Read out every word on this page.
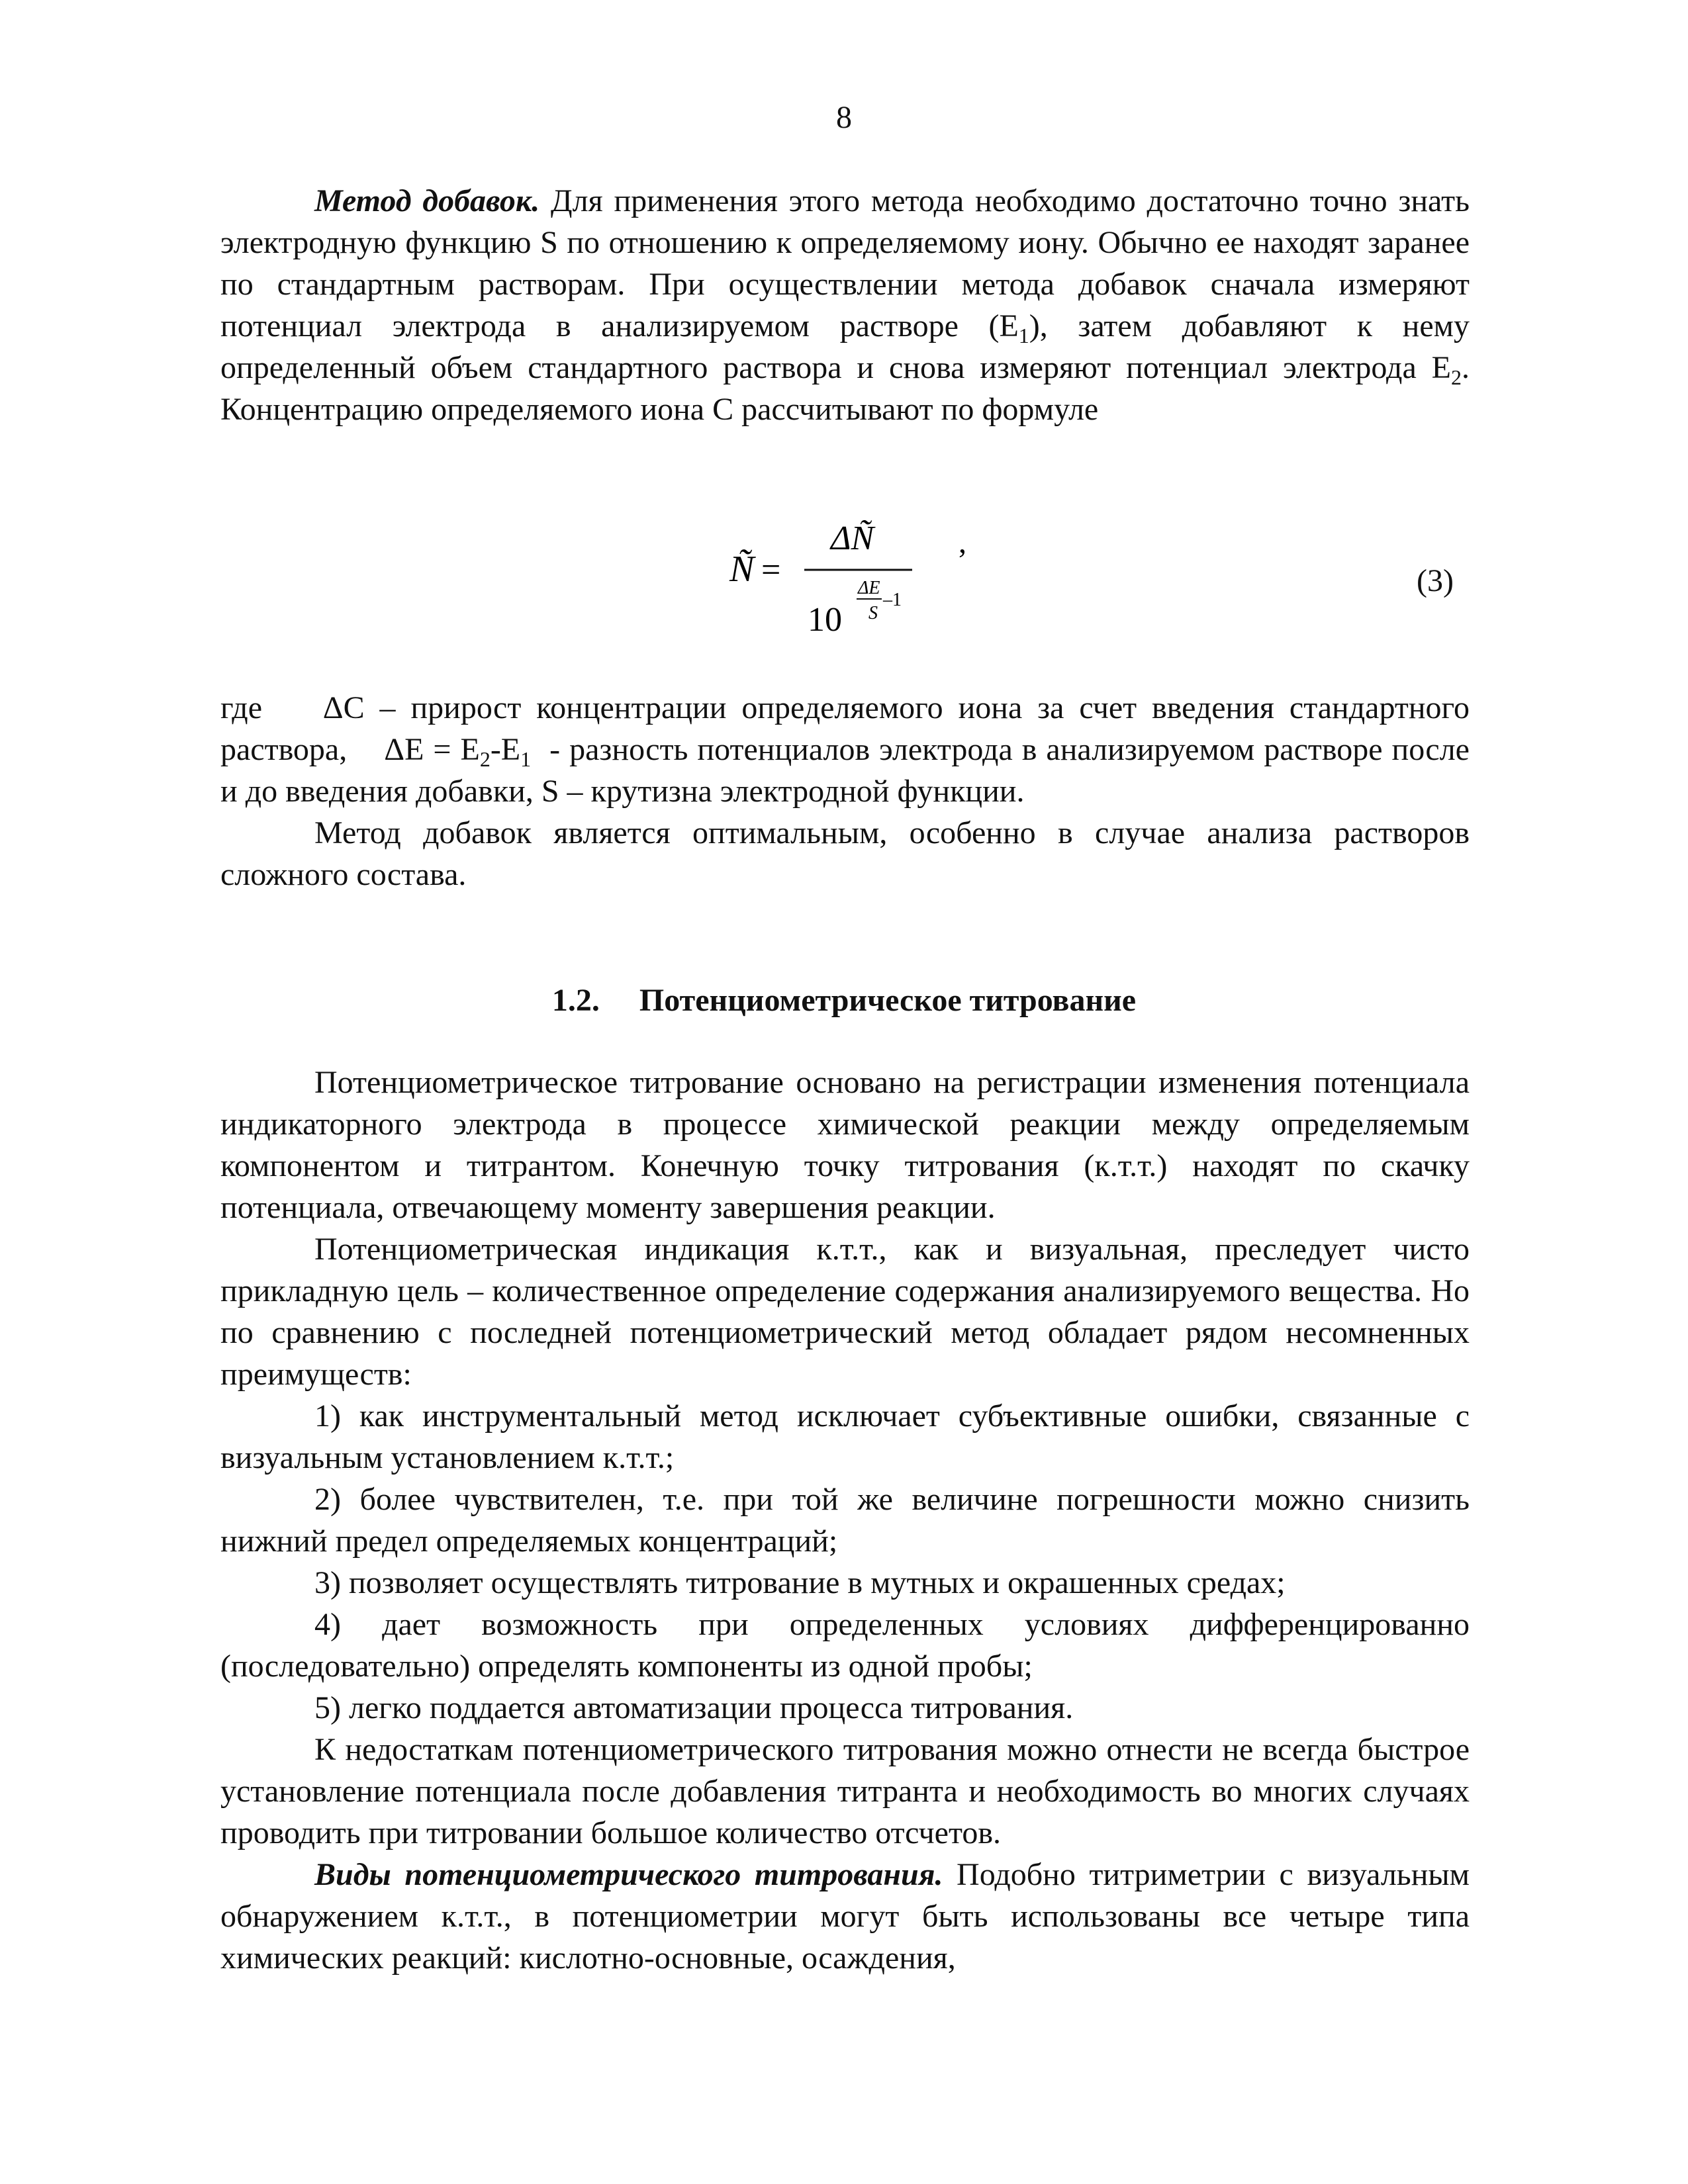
8

Метод добавок. Для применения этого метода необходимо достаточно точно знать электродную функцию S по отношению к определяемому иону. Обычно ее находят заранее по стандартным растворам. При осуществлении метода добавок сначала измеряют потенциал электрода в анализируемом растворе $(E_1)$, затем добавляют к нему определенный объем стандартного раствора и снова измеряют потенциал электрода $E_2$. Концентрацию определяемого иона C рассчитывают по формуле

Ñ =
ΔÑ
10
ΔE
S
–1
,
(3)

где    ΔC – прирост концентрации определяемого иона за счет введения стандартного раствора,    $\Delta E = E_2-E_1$  - разность потенциалов электрода в анализируемом растворе после и до введения добавки, S – крутизна электродной функции.

Метод добавок является оптимальным, особенно в случае анализа растворов сложного состава.

1.2. Потенциометрическое титрование

Потенциометрическое титрование основано на регистрации изменения потенциала индикаторного электрода в процессе химической реакции между определяемым компонентом и титрантом. Конечную точку титрования (к.т.т.) находят по скачку потенциала, отвечающему моменту завершения реакции.

Потенциометрическая индикация к.т.т., как и визуальная, преследует чисто прикладную цель – количественное определение содержания анализируемого вещества. Но по сравнению с последней потенциометрический метод обладает рядом несомненных преимуществ:

1) как инструментальный метод исключает субъективные ошибки, связанные с визуальным установлением к.т.т.;

2) более чувствителен, т.е. при той же величине погрешности можно снизить нижний предел определяемых концентраций;

3) позволяет осуществлять титрование в мутных и окрашенных средах;

4) дает возможность при определенных условиях дифференцированно (последовательно) определять компоненты из одной пробы;

5) легко поддается автоматизации процесса титрования.

К недостаткам потенциометрического титрования можно отнести не всегда быстрое установление потенциала после добавления титранта и необходимость во многих случаях проводить при титровании большое количество отсчетов.

Виды потенциометрического титрования. Подобно титриметрии с визуальным обнаружением к.т.т., в потенциометрии могут быть использованы все четыре типа химических реакций: кислотно-основные, осаждения,
